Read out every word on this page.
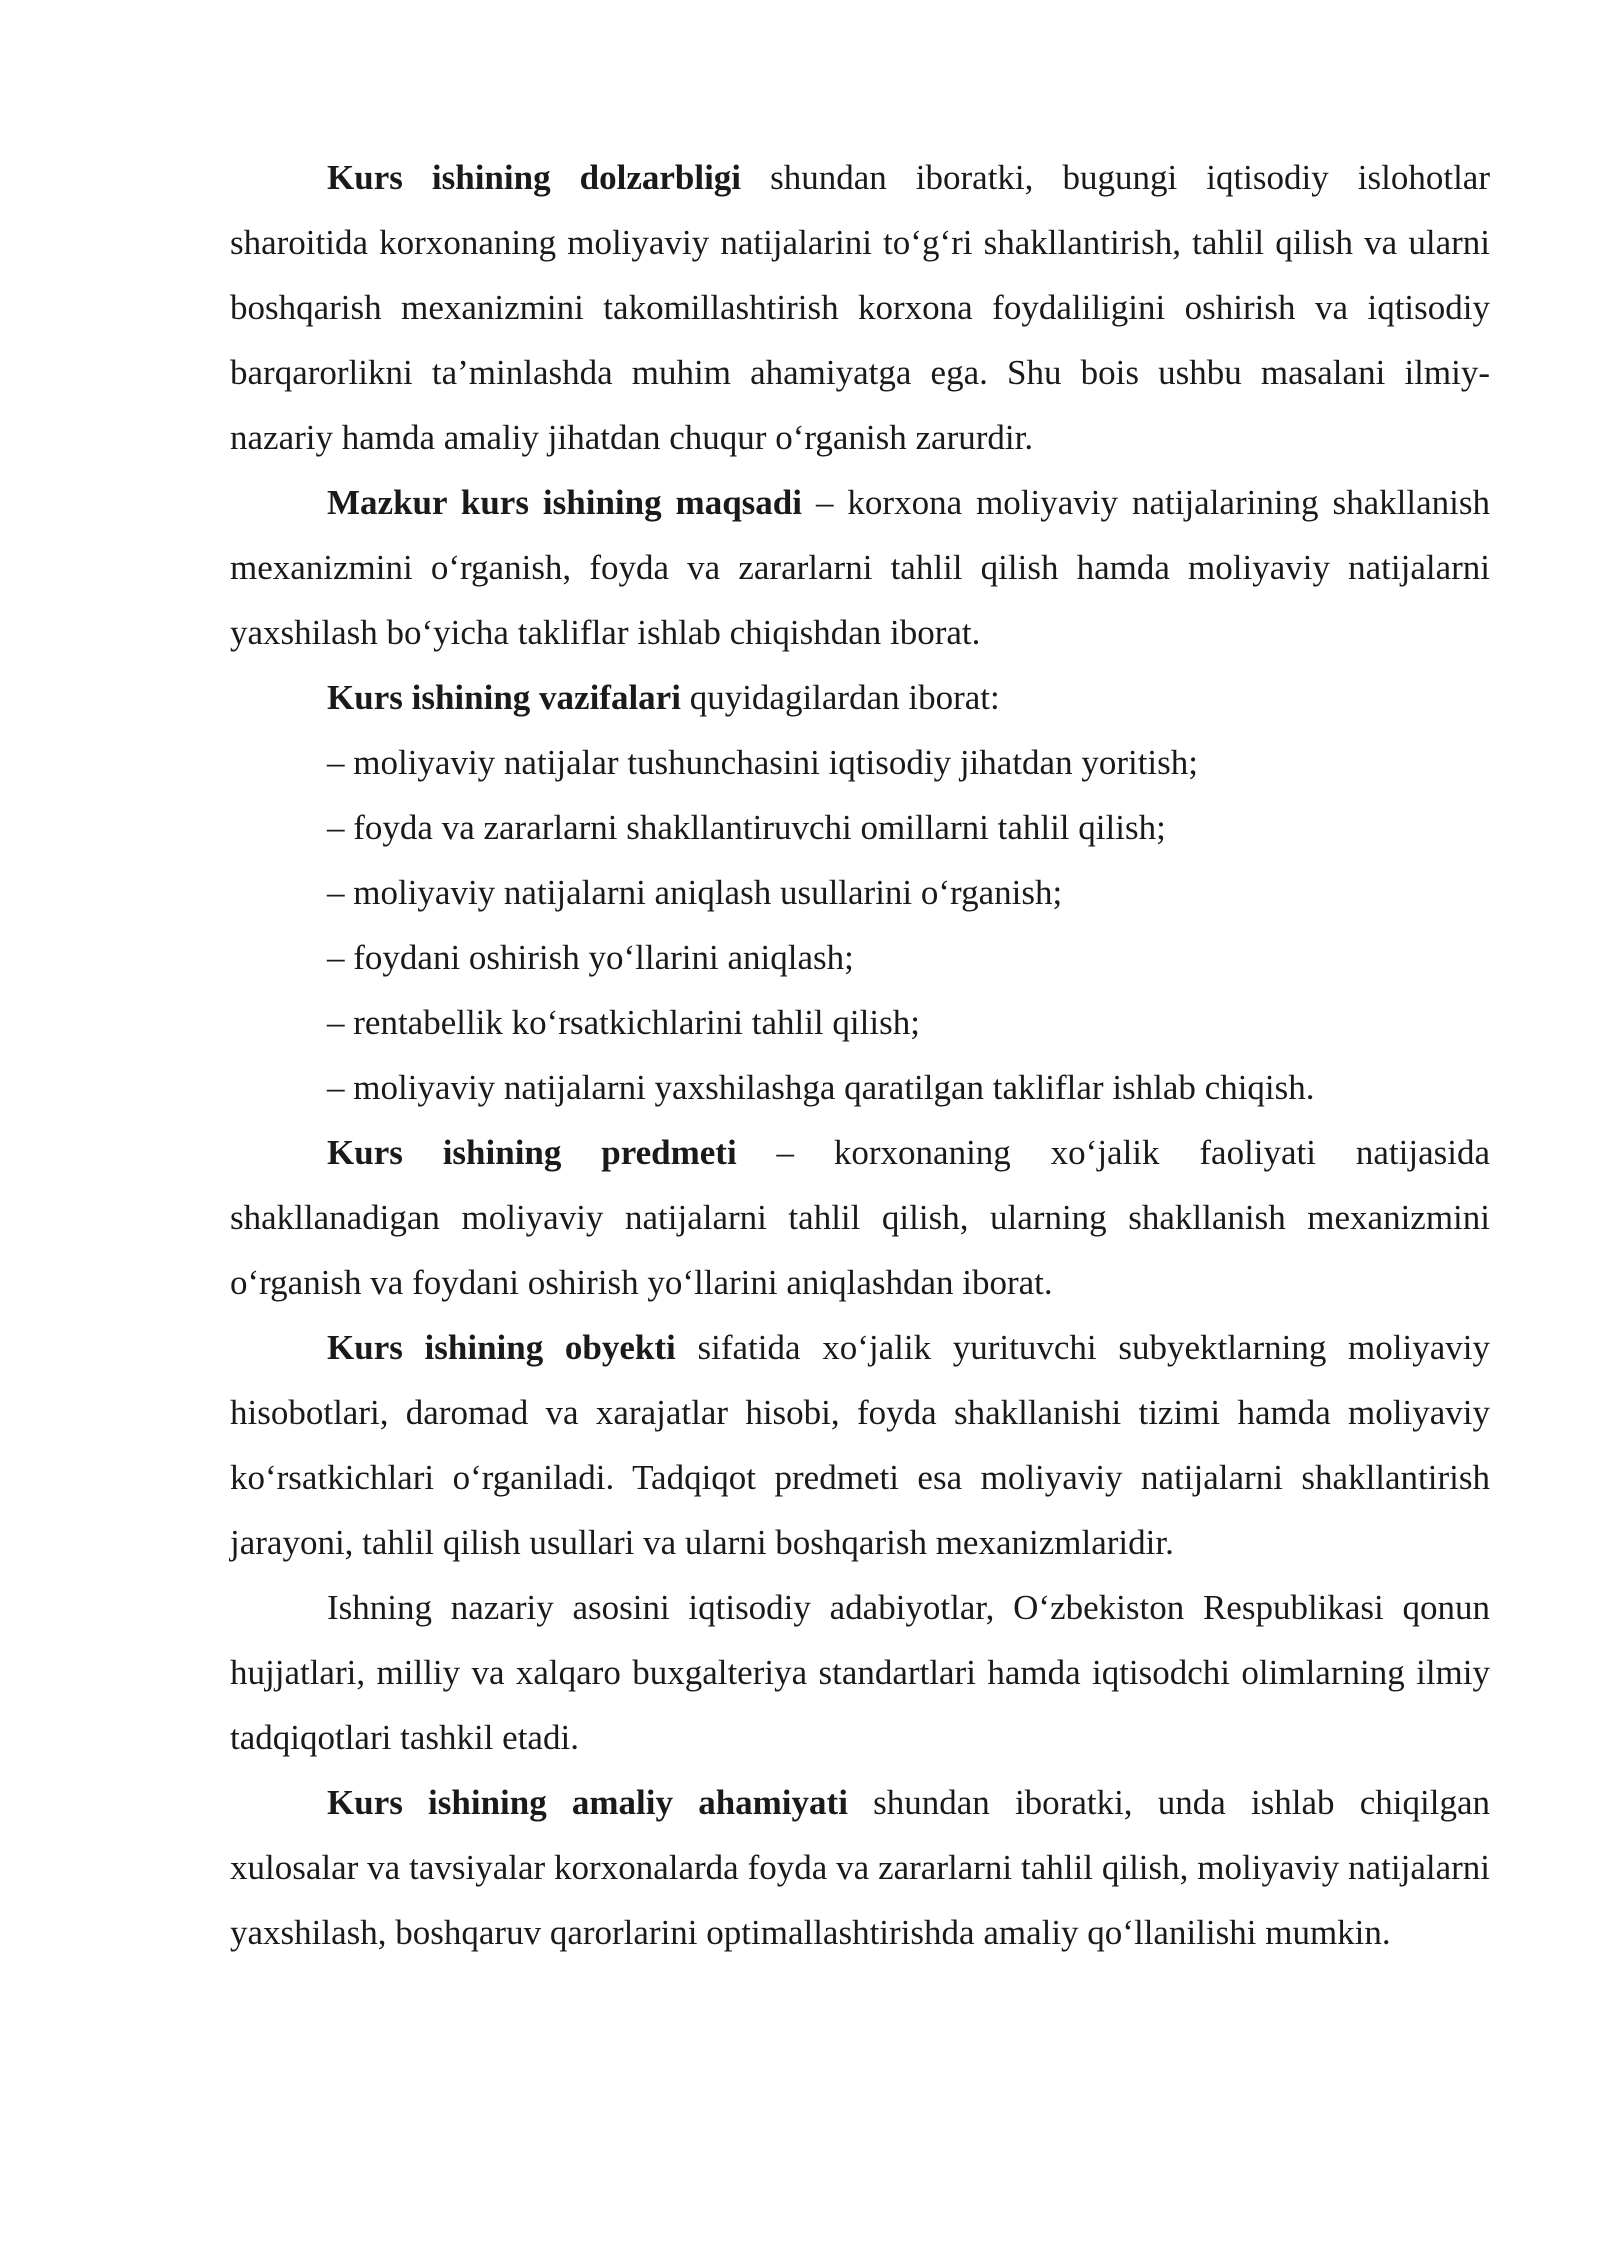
Kurs ishining dolzarbligi shundan iboratki, bugungi iqtisodiy islohotlar sharoitida korxonaning moliyaviy natijalarini to‘g‘ri shakllantirish, tahlil qilish va ularni boshqarish mexanizmini takomillashtirish korxona foydaliligini oshirish va iqtisodiy barqarorlikni ta’minlashda muhim ahamiyatga ega. Shu bois ushbu masalani ilmiy-nazariy hamda amaliy jihatdan chuqur o‘rganish zarurdir.

Mazkur kurs ishining maqsadi – korxona moliyaviy natijalarining shakllanish mexanizmini o‘rganish, foyda va zararlarni tahlil qilish hamda moliyaviy natijalarni yaxshilash bo‘yicha takliflar ishlab chiqishdan iborat.

Kurs ishining vazifalari quyidagilardan iborat:

– moliyaviy natijalar tushunchasini iqtisodiy jihatdan yoritish;

– foyda va zararlarni shakllantiruvchi omillarni tahlil qilish;

– moliyaviy natijalarni aniqlash usullarini o‘rganish;

– foydani oshirish yo‘llarini aniqlash;

– rentabellik ko‘rsatkichlarini tahlil qilish;

– moliyaviy natijalarni yaxshilashga qaratilgan takliflar ishlab chiqish.

Kurs ishining predmeti – korxonaning xo‘jalik faoliyati natijasida shakllanadigan moliyaviy natijalarni tahlil qilish, ularning shakllanish mexanizmini o‘rganish va foydani oshirish yo‘llarini aniqlashdan iborat.

Kurs ishining obyekti sifatida xo‘jalik yurituvchi subyektlarning moliyaviy hisobotlari, daromad va xarajatlar hisobi, foyda shakllanishi tizimi hamda moliyaviy ko‘rsatkichlari o‘rganiladi. Tadqiqot predmeti esa moliyaviy natijalarni shakllantirish jarayoni, tahlil qilish usullari va ularni boshqarish mexanizmlaridir.

Ishning nazariy asosini iqtisodiy adabiyotlar, O‘zbekiston Respublikasi qonun hujjatlari, milliy va xalqaro buxgalteriya standartlari hamda iqtisodchi olimlarning ilmiy tadqiqotlari tashkil etadi.

Kurs ishining amaliy ahamiyati shundan iboratki, unda ishlab chiqilgan xulosalar va tavsiyalar korxonalarda foyda va zararlarni tahlil qilish, moliyaviy natijalarni yaxshilash, boshqaruv qarorlarini optimallashtirishda amaliy qo‘llanilishi mumkin.
